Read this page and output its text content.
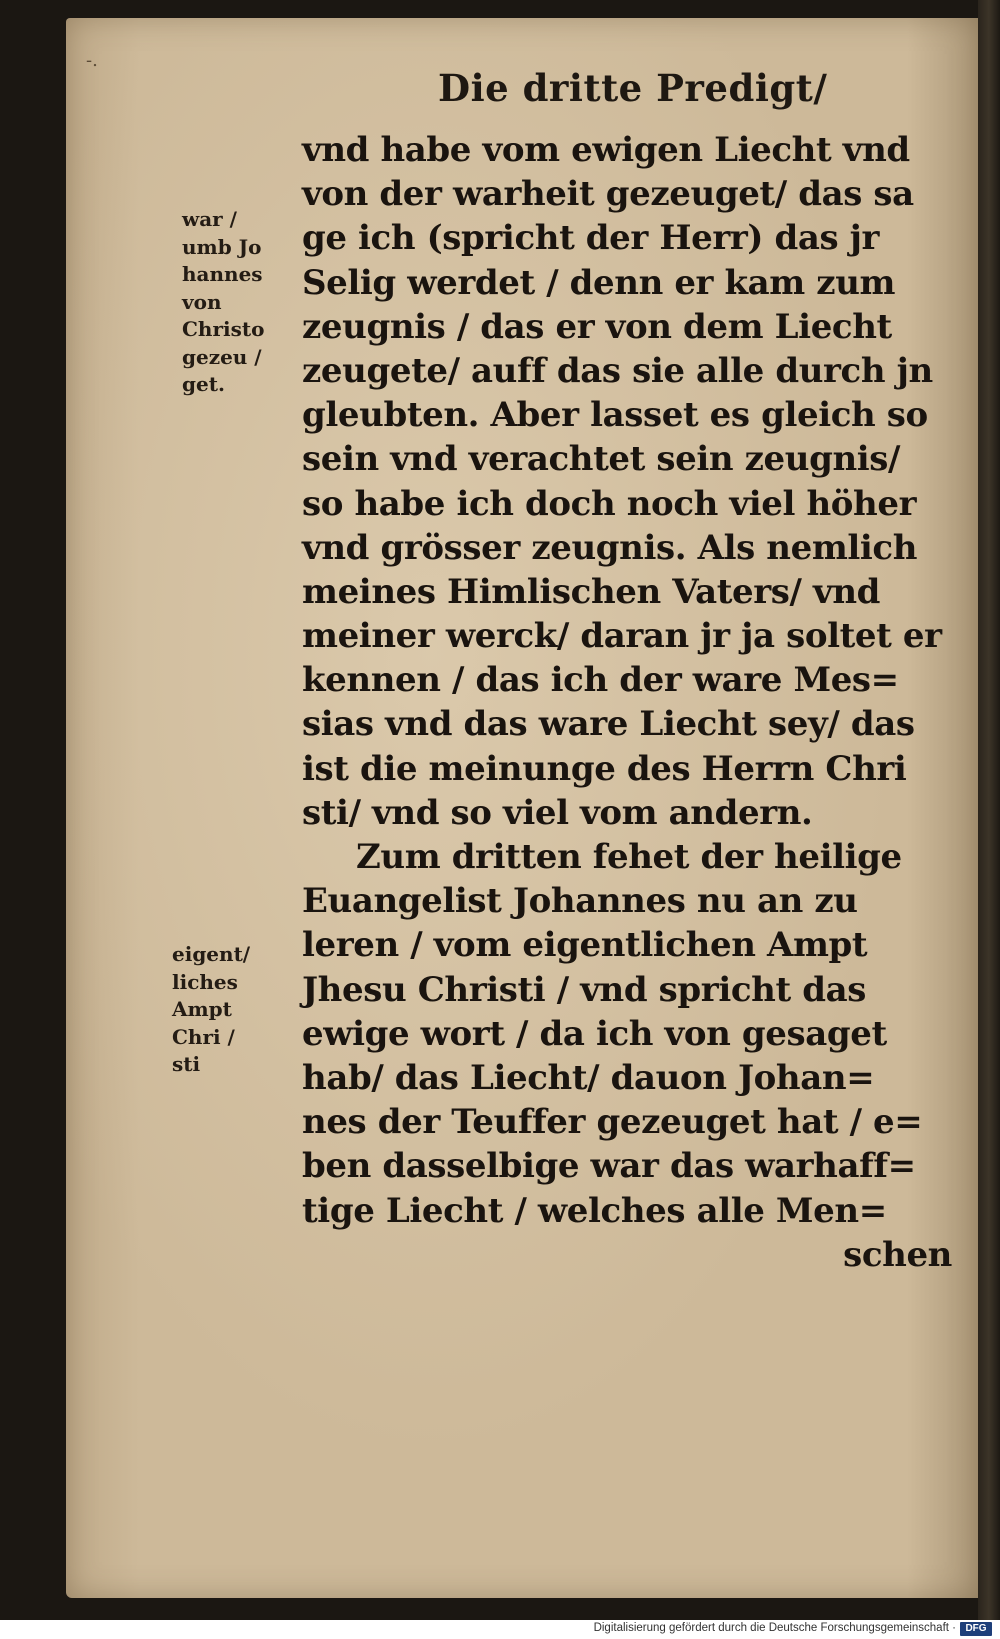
-.
Die dritte Predigt/
war /
umb Jo
hannes
von
Christo
gezeu /
get.
eigent/
liches
Ampt
Chri /
sti
vnd habe vom ewigen Liecht vnd
von der warheit gezeuget/ das sa
ge ich (spricht der Herr) das jr
Selig werdet / denn er kam zum
zeugnis / das er von dem Liecht
zeugete/ auff das sie alle durch jn
gleubten. Aber lasset es gleich so
sein vnd verachtet sein zeugnis/
so habe ich doch noch viel höher
vnd grösser zeugnis. Als nemlich
meines Himlischen Vaters/ vnd
meiner werck/ daran jr ja soltet er
kennen / das ich der ware Mes=
sias vnd das ware Liecht sey/ das
ist die meinunge des Herrn Chri
sti/ vnd so viel vom andern.
Zum dritten fehet der heilige
Euangelist Johannes nu an zu
leren / vom eigentlichen Ampt
Jhesu Christi / vnd spricht das
ewige wort / da ich von gesaget
hab/ das Liecht/ dauon Johan=
nes der Teuffer gezeuget hat / e=
ben dasselbige war das warhaff=
tige Liecht / welches alle Men=
schen
Digitalisierung gefördert durch die Deutsche Forschungsgemeinschaft · DFG
